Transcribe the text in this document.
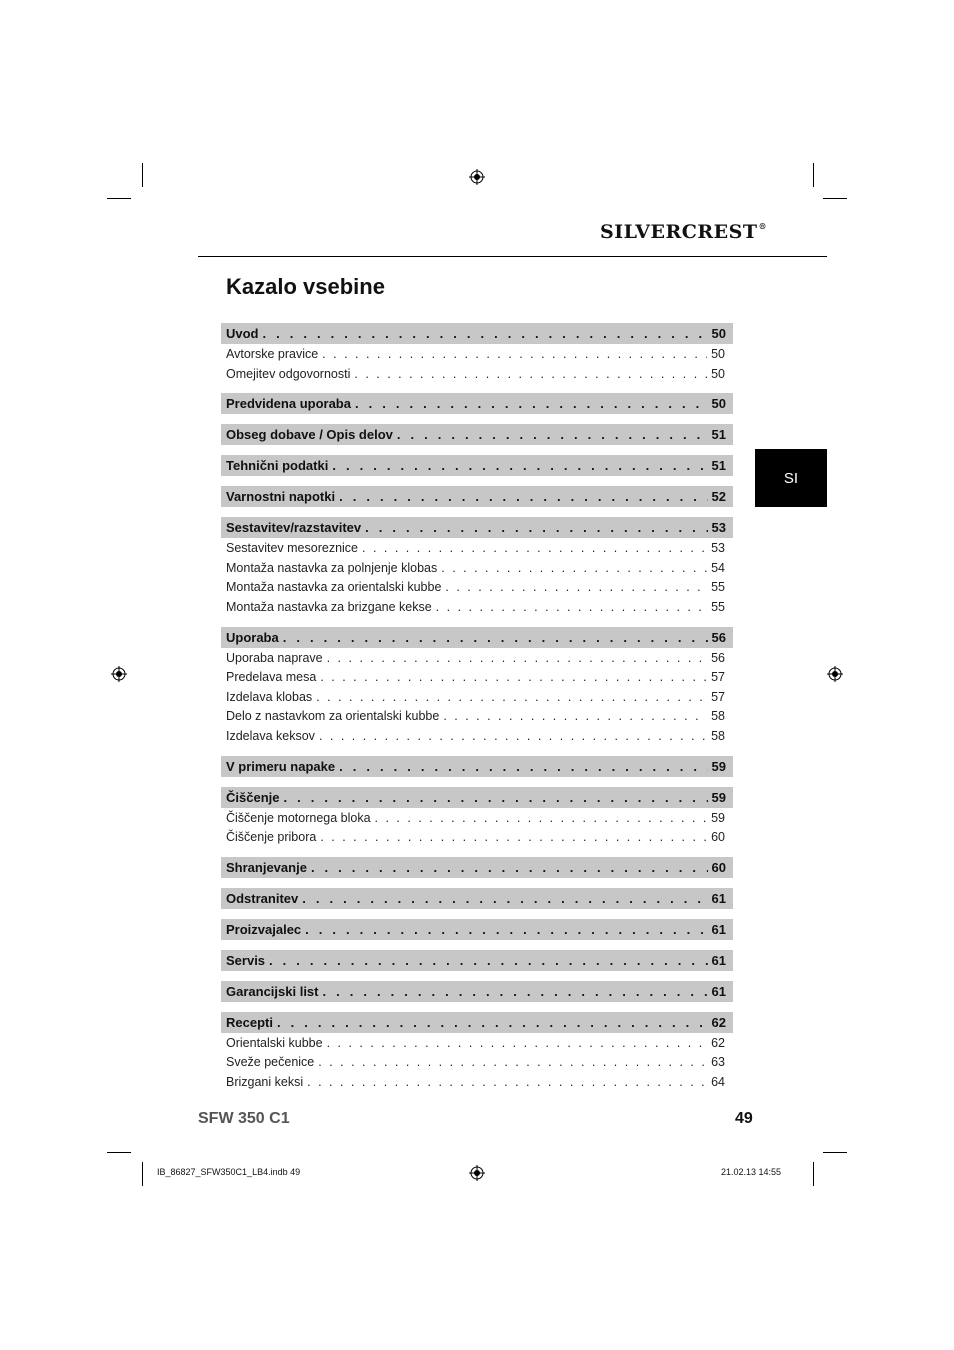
SILVERCREST®
Kazalo vsebine
SI
Uvod . . .	50
Avtorske pravice . . .	50
Omejitev odgovornosti . . .	50
Predvidena uporaba . . .	50
Obseg dobave / Opis delov . . .	51
Tehnični podatki . . .	51
Varnostni napotki . . .	52
Sestavitev/razstavitev . . .	53
Sestavitev mesoreznice . . .	53
Montaža nastavka za polnjenje klobas . . .	54
Montaža nastavka za orientalski kubbe . . .	55
Montaža nastavka za brizgane kekse . . .	55
Uporaba . . .	56
Uporaba naprave . . .	56
Predelava mesa . . .	57
Izdelava klobas . . .	57
Delo z nastavkom za orientalski kubbe . . .	58
Izdelava keksov . . .	58
V primeru napake . . .	59
Čiščenje . . .	59
Čiščenje motornega bloka . . .	59
Čiščenje pribora . . .	60
Shranjevanje . . .	60
Odstranitev . . .	61
Proizvajalec . . .	61
Servis . . .	61
Garancijski list . . .	61
Recepti . . .	62
Orientalski kubbe . . .	62
Sveže pečenice . . .	63
Brizgani keksi . . .	64
SFW 350 C1	49
IB_86827_SFW350C1_LB4.indb 49	21.02.13 14:55
